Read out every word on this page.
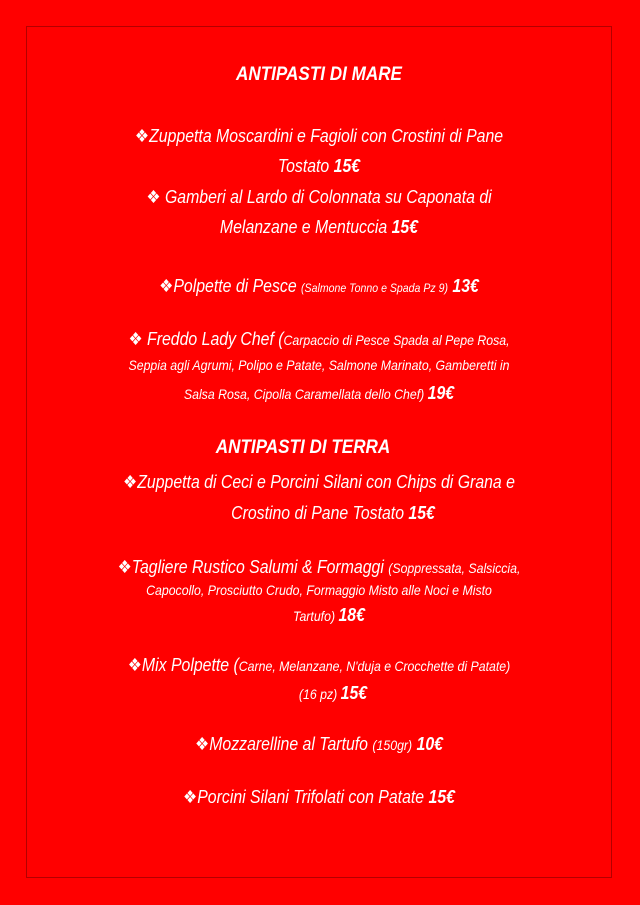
ANTIPASTI DI MARE
❖Zuppetta Moscardini e Fagioli con Crostini di Pane
Tostato 15€
❖ Gamberi al Lardo di Colonnata su Caponata di
Melanzane e Mentuccia 15€
❖Polpette di Pesce (Salmone Tonno e Spada Pz 9) 13€
❖ Freddo Lady Chef (Carpaccio di Pesce Spada al Pepe Rosa,
Seppia agli Agrumi, Polipo e Patate, Salmone Marinato, Gamberetti in
Salsa Rosa, Cipolla Caramellata dello Chef) 19€
ANTIPASTI DI TERRA
❖Zuppetta di Ceci e Porcini Silani con Chips di Grana e
Crostino di Pane Tostato 15€
❖Tagliere Rustico Salumi & Formaggi (Soppressata, Salsiccia,
Capocollo, Prosciutto Crudo, Formaggio Misto alle Noci e Misto
Tartufo) 18€
❖Mix Polpette (Carne, Melanzane, N'duja e Crocchette di Patate)
(16 pz) 15€
❖Mozzarelline al Tartufo (150gr) 10€
❖Porcini Silani Trifolati con Patate 15€
